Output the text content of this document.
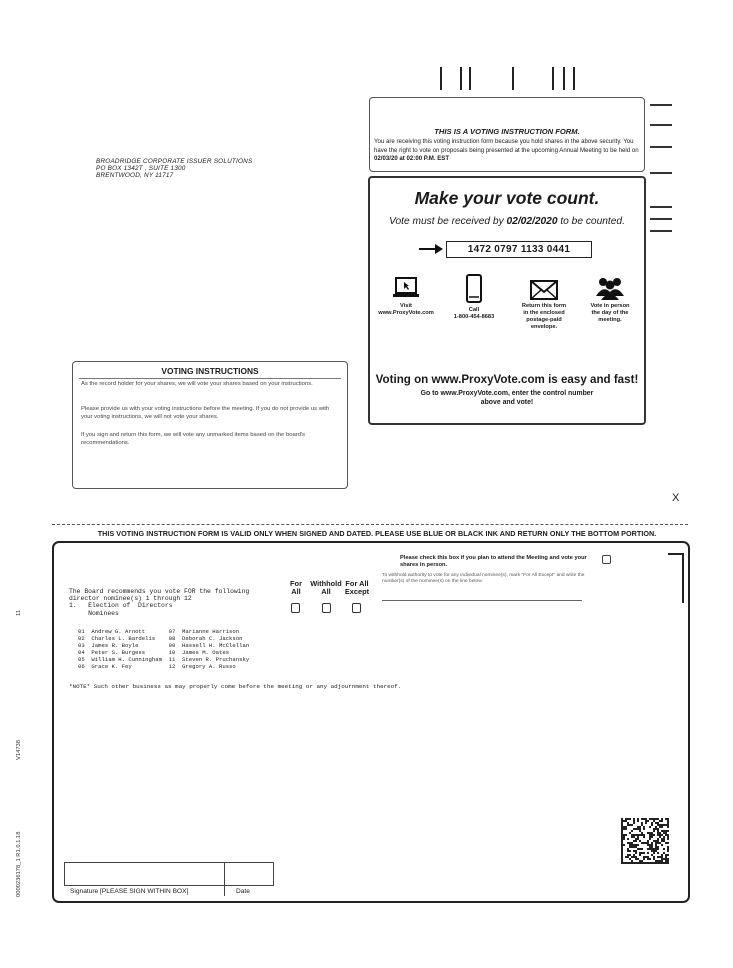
BROADRIDGE CORPORATE ISSUER SOLUTIONS
PO BOX 1342T , SUITE 1300
BRENTWOOD, NY 11717
THIS IS A VOTING INSTRUCTION FORM.
You are receiving this voting instruction form because you hold shares in the above security. You have the right to vote on proposals being presented at the upcoming Annual Meeting to be held on 02/03/20 at 02:00 P.M. EST
Make your vote count.
Vote must be received by 02/02/2020 to be counted.
1472 0797 1133 0441
Visit
www.ProxyVote.com	Call
1-800-454-8683
Return this form
in the enclosed
postage-paid
envelope.
Vote in person
the day of the
meeting.
Voting on www.ProxyVote.com is easy and fast!
Go to www.ProxyVote.com, enter the control number above and vote!
VOTING INSTRUCTIONS
As the record holder for your shares, we will vote your shares based on your instructions.
Please provide us with your voting instructions before the meeting. If you do not provide us with your voting instructions, we will not vote your shares.
If you sign and return this form, we will vote any unmarked items based on the board's recommendations.
X
THIS VOTING INSTRUCTION FORM IS VALID ONLY WHEN SIGNED AND DATED. PLEASE USE BLUE OR BLACK INK AND RETURN ONLY THE BOTTOM PORTION.
Please check this box if you plan to attend the Meeting and vote your shares in person.
To withhold authority to vote for any individual nominee(s), mark "For All Except" and write the number(s) of the nominee(s) on the line below.
For
All
Withhold
All
For All
Except
The Board recommends you vote FOR the following
director nominee(s) 1 through 12
1.   Election of  Directors
Nominees
01  Andrew G. Arnott       07  Marianne Harrison
02  Charles L. Bardelis    08  Deborah C. Jackson
03  James R. Boyle         09  Hassell H. McClellan
04  Peter S. Burgess       10  James M. Oates
05  William H. Cunningham  11  Steven R. Pruchansky
06  Grace K. Fey           12  Gregory A. Russo
*NOTE* Such other business as may properly come before the meeting or any adjournment thereof.
11
V14738
0000236178_1 R1.0.1.18	Signature [PLEASE SIGN WITHIN BOX]	Date
